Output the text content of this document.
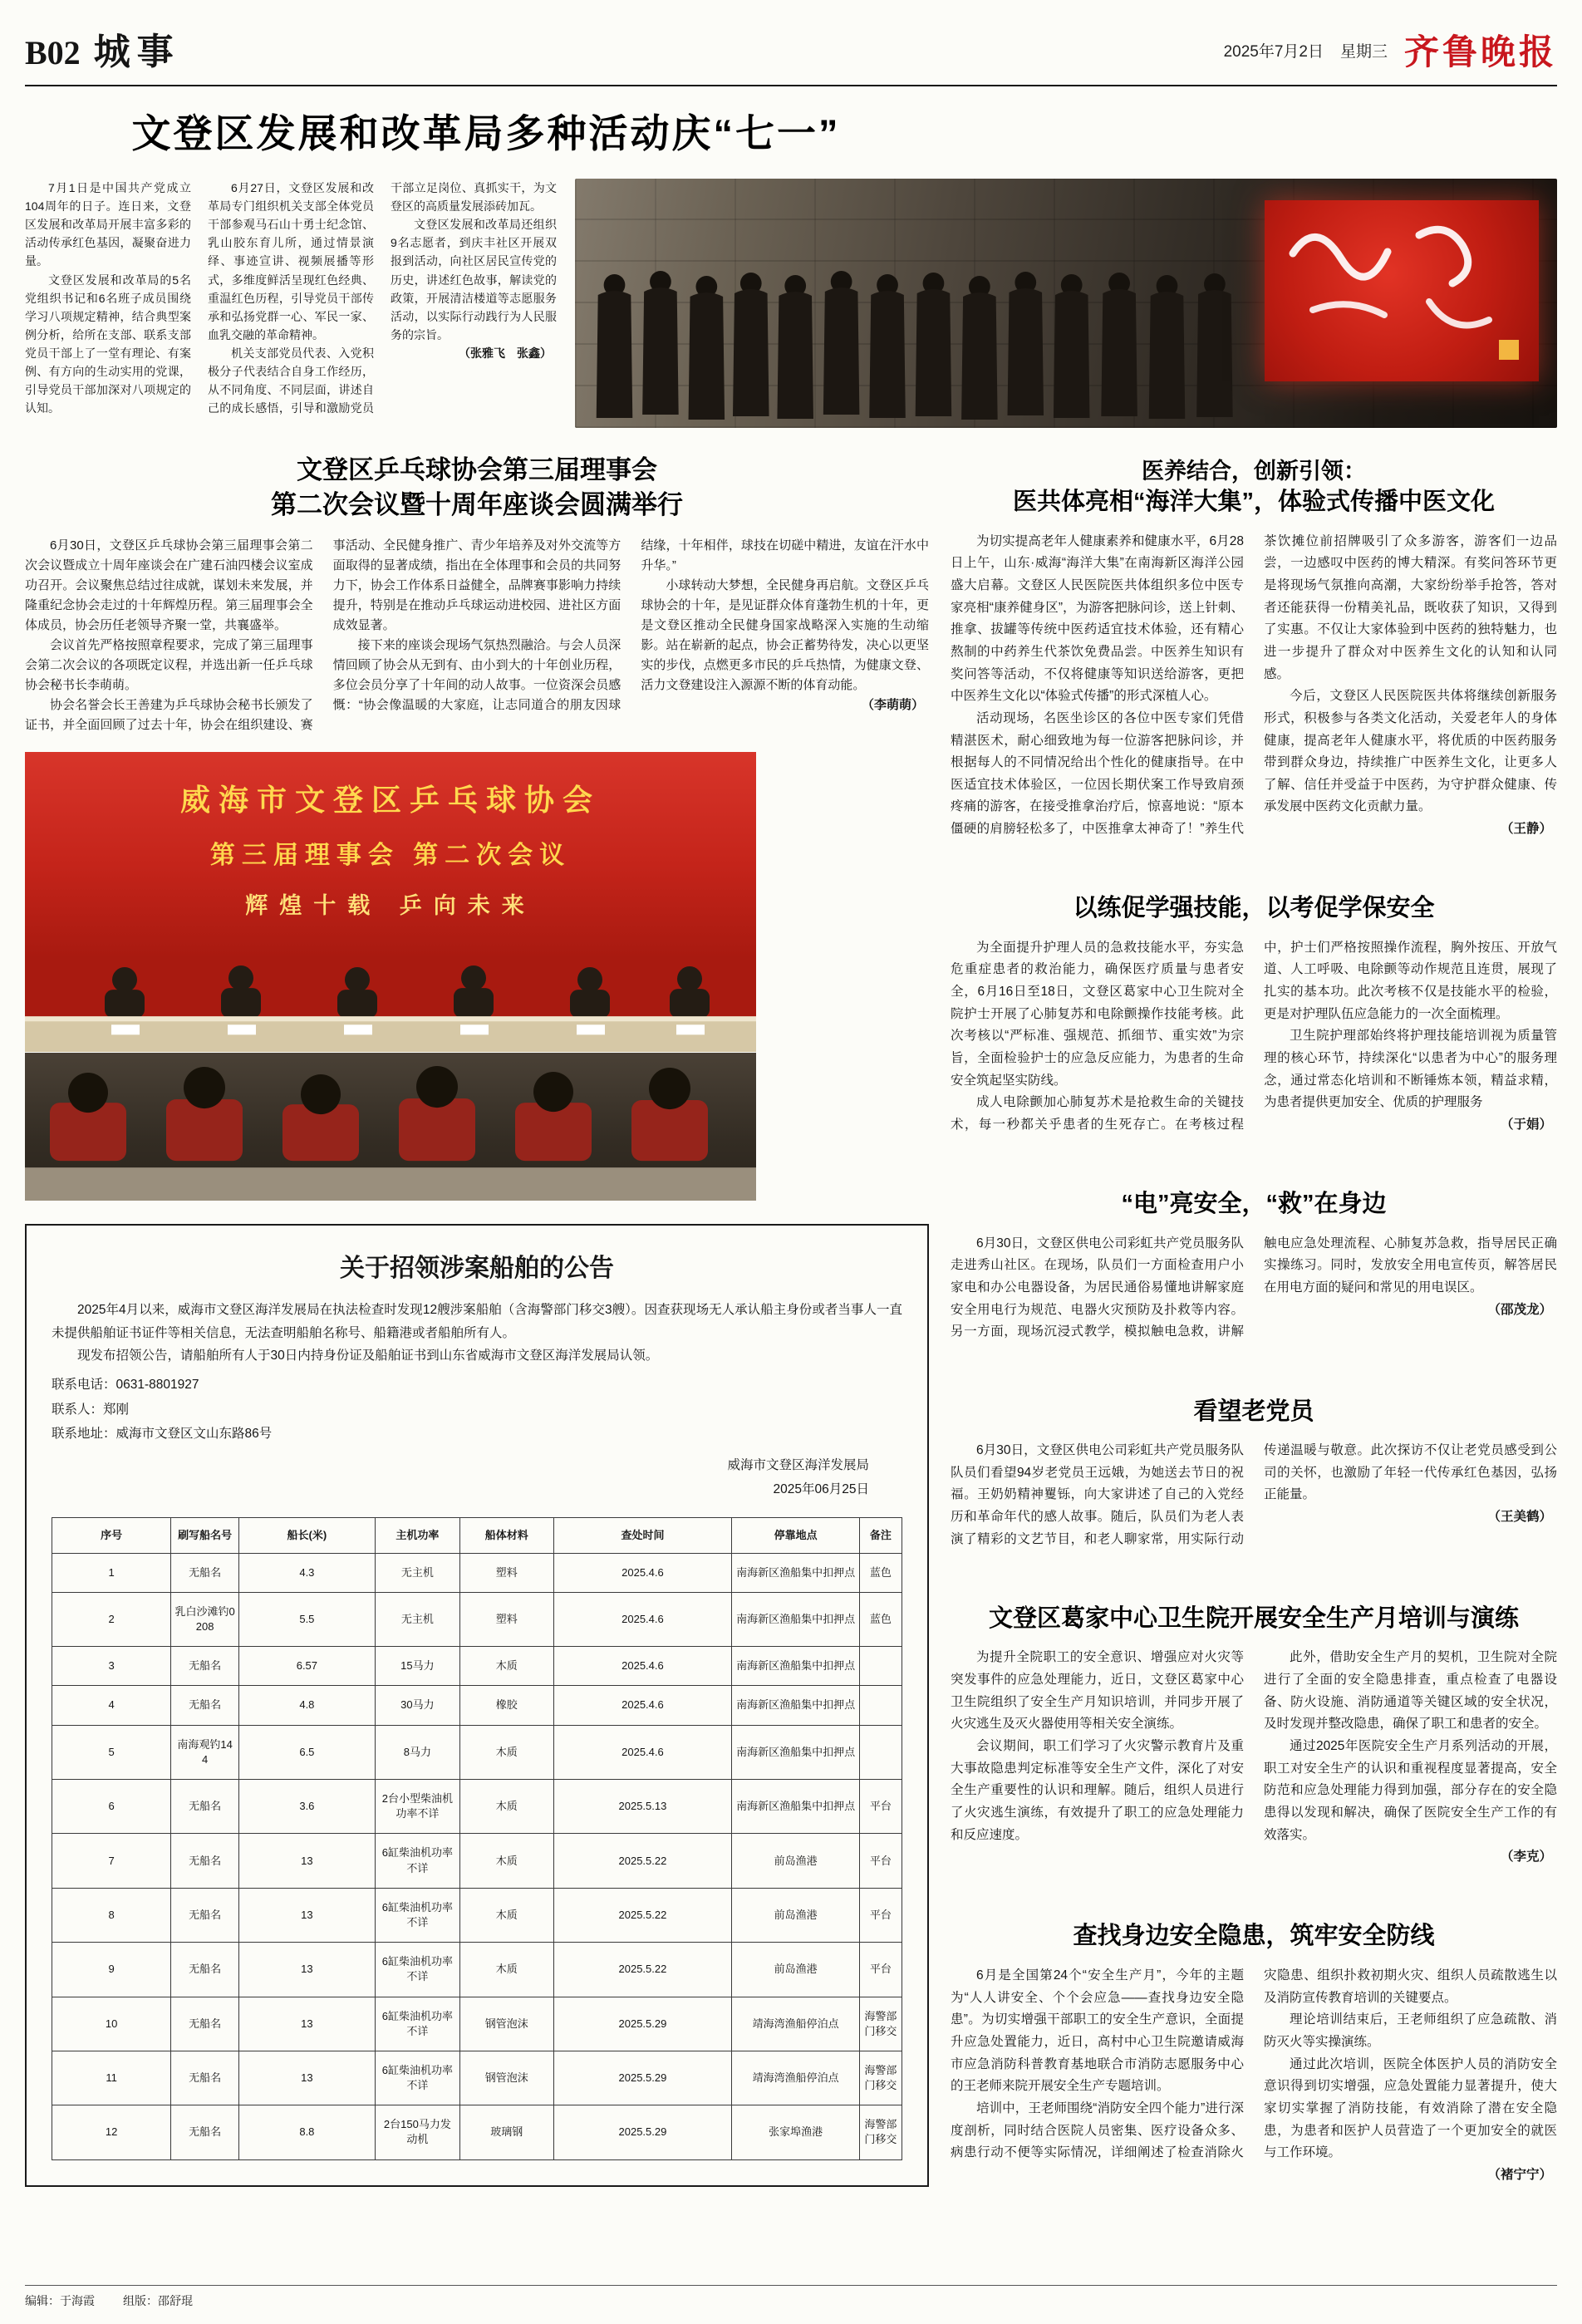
B02 城事	2025年7月2日 星期三 齐鲁晚报
文登区发展和改革局多种活动庆“七一”

7月1日是中国共产党成立104周年的日子。连日来，文登区发展和改革局开展丰富多彩的活动传承红色基因，凝聚奋进力量。

文登区发展和改革局的5名党组织书记和6名班子成员围绕学习八项规定精神，结合典型案例分析，给所在支部、联系支部党员干部上了一堂有理论、有案例、有方向的生动实用的党课，引导党员干部加深对八项规定的认知。

6月27日，文登区发展和改革局专门组织机关支部全体党员干部参观马石山十勇士纪念馆、乳山胶东育儿所，通过情景演绎、事迹宣讲、视频展播等形式，多维度鲜活呈现红色经典、重温红色历程，引导党员干部传承和弘扬党群一心、军民一家、血乳交融的革命精神。

机关支部党员代表、入党积极分子代表结合自身工作经历，从不同角度、不同层面，讲述自己的成长感悟，引导和激励党员干部立足岗位、真抓实干，为文登区的高质量发展添砖加瓦。

文登区发展和改革局还组织9名志愿者，到庆丰社区开展双报到活动，向社区居民宣传党的历史，讲述红色故事，解读党的政策，开展清洁楼道等志愿服务活动，以实际行动践行为人民服务的宗旨。

（张雅飞　张鑫）
文登区乒乓球协会第三届理事会
第二次会议暨十周年座谈会圆满举行

6月30日，文登区乒乓球协会第三届理事会第二次会议暨成立十周年座谈会在广建石油四楼会议室成功召开。会议聚焦总结过往成就，谋划未来发展，并隆重纪念协会走过的十年辉煌历程。第三届理事会全体成员，协会历任老领导齐聚一堂，共襄盛举。

会议首先严格按照章程要求，完成了第三届理事会第二次会议的各项既定议程，并选出新一任乒乓球协会秘书长李萌萌。

协会名誉会长王善建为乒乓球协会秘书长颁发了证书，并全面回顾了过去十年，协会在组织建设、赛事活动、全民健身推广、青少年培养及对外交流等方面取得的显著成绩，指出在全体理事和会员的共同努力下，协会工作体系日益健全，品牌赛事影响力持续提升，特别是在推动乒乓球运动进校园、进社区方面成效显著。

接下来的座谈会现场气氛热烈融洽。与会人员深情回顾了协会从无到有、由小到大的十年创业历程，多位会员分享了十年间的动人故事。一位资深会员感慨：“协会像温暖的大家庭，让志同道合的朋友因球结缘，十年相伴，球技在切磋中精进，友谊在汗水中升华。”

小球转动大梦想，全民健身再启航。文登区乒乓球协会的十年，是见证群众体育蓬勃生机的十年，更是文登区推动全民健身国家战略深入实施的生动缩影。站在崭新的起点，协会正蓄势待发，决心以更坚实的步伐，点燃更多市民的乒乓热情，为健康文登、活力文登建设注入源源不断的体育动能。

（李萌萌）
威海市文登区乒乓球协会
第三届理事会 第二次会议
辉煌十载 乒向未来
关于招领涉案船舶的公告

2025年4月以来，威海市文登区海洋发展局在执法检查时发现12艘涉案船舶（含海警部门移交3艘）。因查获现场无人承认船主身份或者当事人一直未提供船舶证书证件等相关信息，无法查明船舶名称号、船籍港或者船舶所有人。

现发布招领公告，请船舶所有人于30日内持身份证及船舶证书到山东省威海市文登区海洋发展局认领。

联系电话：0631-8801927
联系人：郑刚
联系地址：威海市文登区文山东路86号
威海市文登区海洋发展局
2025年06月25日
序号	刷写船名号	船长(米)	主机功率	船体材料	查处时间	停靠地点	备注
1	无船名	4.3	无主机	塑料	2025.4.6	南海新区渔船集中扣押点	蓝色
2	乳白沙滩钓0208	5.5	无主机	塑料	2025.4.6	南海新区渔船集中扣押点	蓝色
3	无船名	6.57	15马力	木质	2025.4.6	南海新区渔船集中扣押点	
4	无船名	4.8	30马力	橡胶	2025.4.6	南海新区渔船集中扣押点	
5	南海观钓144	6.5	8马力	木质	2025.4.6	南海新区渔船集中扣押点	
6	无船名	3.6	2台小型柴油机功率不详	木质	2025.5.13	南海新区渔船集中扣押点	平台
7	无船名	13	6缸柴油机功率不详	木质	2025.5.22	前岛渔港	平台
8	无船名	13	6缸柴油机功率不详	木质	2025.5.22	前岛渔港	平台
9	无船名	13	6缸柴油机功率不详	木质	2025.5.22	前岛渔港	平台
10	无船名	13	6缸柴油机功率不详	钢管泡沫	2025.5.29	靖海湾渔船停泊点	海警部门移交
11	无船名	13	6缸柴油机功率不详	钢管泡沫	2025.5.29	靖海湾渔船停泊点	海警部门移交
12	无船名	8.8	2台150马力发动机	玻璃钢	2025.5.29	张家埠渔港	海警部门移交
医养结合，创新引领：
医共体亮相“海洋大集”，体验式传播中医文化

为切实提高老年人健康素养和健康水平，6月28日上午，山东·威海“海洋大集”在南海新区海洋公园盛大启幕。文登区人民医院医共体组织多位中医专家亮相“康养健身区”，为游客把脉问诊，送上针刺、推拿、拔罐等传统中医药适宜技术体验，还有精心熬制的中药养生代茶饮免费品尝。中医养生知识有奖问答等活动，不仅将健康等知识送给游客，更把中医养生文化以“体验式传播”的形式深植人心。

活动现场，名医坐诊区的各位中医专家们凭借精湛医术，耐心细致地为每一位游客把脉问诊，并根据每人的不同情况给出个性化的健康指导。在中医适宜技术体验区，一位因长期伏案工作导致肩颈疼痛的游客，在接受推拿治疗后，惊喜地说：“原本僵硬的肩膀轻松多了，中医推拿太神奇了！”养生代茶饮摊位前招牌吸引了众多游客，游客们一边品尝，一边感叹中医药的博大精深。有奖问答环节更是将现场气氛推向高潮，大家纷纷举手抢答，答对者还能获得一份精美礼品，既收获了知识，又得到了实惠。不仅让大家体验到中医药的独特魅力，也进一步提升了群众对中医养生文化的认知和认同感。

今后，文登区人民医院医共体将继续创新服务形式，积极参与各类文化活动，关爱老年人的身体健康，提高老年人健康水平，将优质的中医药服务带到群众身边，持续推广中医养生文化，让更多人了解、信任并受益于中医药，为守护群众健康、传承发展中医药文化贡献力量。

（王静）
以练促学强技能，以考促学保安全

为全面提升护理人员的急救技能水平，夯实急危重症患者的救治能力，确保医疗质量与患者安全，6月16日至18日，文登区葛家中心卫生院对全院护士开展了心肺复苏和电除颤操作技能考核。此次考核以“严标准、强规范、抓细节、重实效”为宗旨，全面检验护士的应急反应能力，为患者的生命安全筑起坚实防线。

成人电除颤加心肺复苏术是抢救生命的关键技术，每一秒都关乎患者的生死存亡。在考核过程中，护士们严格按照操作流程，胸外按压、开放气道、人工呼吸、电除颤等动作规范且连贯，展现了扎实的基本功。此次考核不仅是技能水平的检验，更是对护理队伍应急能力的一次全面梳理。

卫生院护理部始终将护理技能培训视为质量管理的核心环节，持续深化“以患者为中心”的服务理念，通过常态化培训和不断锤炼本领，精益求精，为患者提供更加安全、优质的护理服务

（于娟）
“电”亮安全，“救”在身边

6月30日，文登区供电公司彩虹共产党员服务队走进秀山社区。在现场，队员们一方面检查用户小家电和办公电器设备，为居民通俗易懂地讲解家庭安全用电行为规范、电器火灾预防及扑救等内容。另一方面，现场沉浸式教学，模拟触电急救，讲解触电应急处理流程、心肺复苏急救，指导居民正确实操练习。同时，发放安全用电宣传页，解答居民在用电方面的疑问和常见的用电误区。

（邵茂龙）
看望老党员

6月30日，文登区供电公司彩虹共产党员服务队队员们看望94岁老党员王远娥，为她送去节日的祝福。王奶奶精神矍铄，向大家讲述了自己的入党经历和革命年代的感人故事。随后，队员们为老人表演了精彩的文艺节目，和老人聊家常，用实际行动传递温暖与敬意。此次探访不仅让老党员感受到公司的关怀，也激励了年轻一代传承红色基因，弘扬正能量。

（王美鹤）
文登区葛家中心卫生院开展安全生产月培训与演练

为提升全院职工的安全意识、增强应对火灾等突发事件的应急处理能力，近日，文登区葛家中心卫生院组织了安全生产月知识培训，并同步开展了火灾逃生及灭火器使用等相关安全演练。

会议期间，职工们学习了火灾警示教育片及重大事故隐患判定标准等安全生产文件，深化了对安全生产重要性的认识和理解。随后，组织人员进行了火灾逃生演练，有效提升了职工的应急处理能力和反应速度。

此外，借助安全生产月的契机，卫生院对全院进行了全面的安全隐患排查，重点检查了电器设备、防火设施、消防通道等关键区域的安全状况，及时发现并整改隐患，确保了职工和患者的安全。

通过2025年医院安全生产月系列活动的开展，职工对安全生产的认识和重视程度显著提高，安全防范和应急处理能力得到加强，部分存在的安全隐患得以发现和解决，确保了医院安全生产工作的有效落实。

（李克）
查找身边安全隐患，筑牢安全防线

6月是全国第24个“安全生产月”，今年的主题为“人人讲安全、个个会应急——查找身边安全隐患”。为切实增强干部职工的安全生产意识，全面提升应急处置能力，近日，高村中心卫生院邀请威海市应急消防科普教育基地联合市消防志愿服务中心的王老师来院开展安全生产专题培训。

培训中，王老师围绕“消防安全四个能力”进行深度剖析，同时结合医院人员密集、医疗设备众多、病患行动不便等实际情况，详细阐述了检查消除火灾隐患、组织扑救初期火灾、组织人员疏散逃生以及消防宣传教育培训的关键要点。

理论培训结束后，王老师组织了应急疏散、消防灭火等实操演练。

通过此次培训，医院全体医护人员的消防安全意识得到切实增强，应急处置能力显著提升，使大家切实掌握了消防技能，有效消除了潜在安全隐患，为患者和医护人员营造了一个更加安全的就医与工作环境。

（褚宁宁）
编辑：于海霞 组版：邵舒琨
